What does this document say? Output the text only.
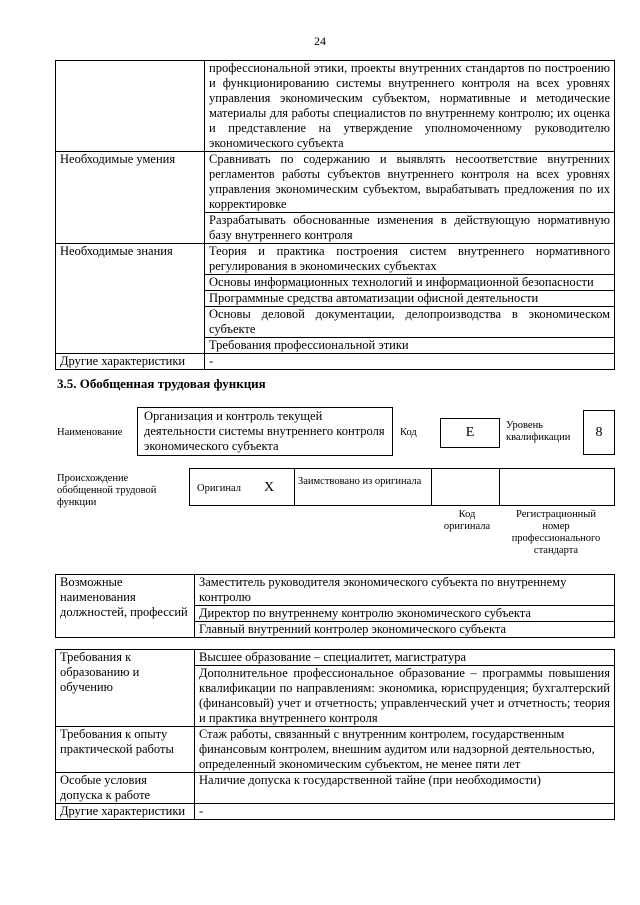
24
	профессиональной этики, проекты внутренних стандартов по построению и функционированию системы внутреннего контроля на всех уровнях управления экономическим субъектом, нормативные и методические материалы для работы специалистов по внутреннему контролю; их оценка и представление на утверждение уполномоченному руководителю экономического субъекта
Необходимые умения	Сравнивать по содержанию и выявлять несоответствие внутренних регламентов работы субъектов внутреннего контроля на всех уровнях управления экономическим субъектом, вырабатывать предложения по их корректировке
	Разрабатывать обоснованные изменения в действующую нормативную базу внутреннего контроля
Необходимые знания	Теория и практика построения систем внутреннего нормативного регулирования в экономических субъектах
	Основы информационных технологий и информационной безопасности
	Программные средства автоматизации офисной деятельности
	Основы деловой документации, делопроизводства в экономическом субъекте
	Требования профессиональной этики
Другие характеристики	-
3.5. Обобщенная трудовая функция
Наименование
Организация и контроль текущей деятельности системы внутреннего контроля экономического субъекта
Код	E	Уровень квалификации	8
Происхождение обобщенной трудовой функции
Оригинал X Заимствовано из оригинала
Код оригинала
Регистрационный номер профессионального стандарта
Возможные наименования должностей, профессий	Заместитель руководителя экономического субъекта по внутреннему контролю
Директор по внутреннему контролю экономического субъекта
Главный внутренний контролер экономического субъекта
Требования к образованию и обучению	Высшее образование – специалитет, магистратура
	Дополнительное профессиональное образование – программы повышения квалификации по направлениям: экономика, юриспруденция; бухгалтерский (финансовый) учет и отчетность; управленческий учет и отчетность; теория и практика внутреннего контроля
Требования к опыту практической работы	Стаж работы, связанный с внутренним контролем, государственным финансовым контролем, внешним аудитом или надзорной деятельностью, определенный экономическим субъектом, не менее пяти лет
Особые условия допуска к работе	Наличие допуска к государственной тайне (при необходимости)
Другие характеристики	-
